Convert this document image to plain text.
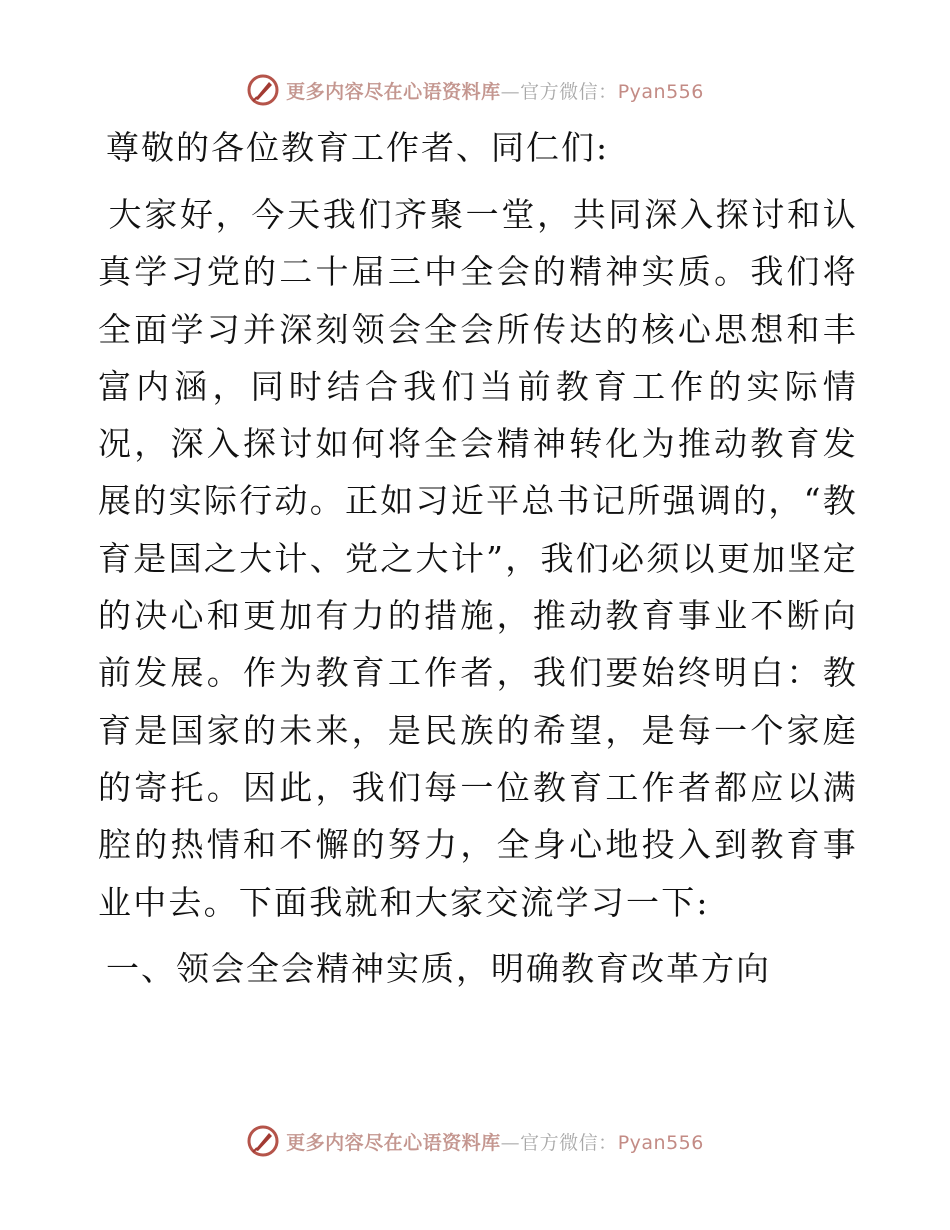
更多内容尽在心语资料库—官方微信：Pyan556

尊敬的各位教育工作者、同仁们:

大家好，今天我们齐聚一堂，共同深入探讨和认真学习党的二十届三中全会的精神实质。我们将全面学习并深刻领会全会所传达的核心思想和丰富内涵，同时结合我们当前教育工作的实际情况，深入探讨如何将全会精神转化为推动教育发展的实际行动。正如习近平总书记所强调的，“教育是国之大计、党之大计”，我们必须以更加坚定的决心和更加有力的措施，推动教育事业不断向前发展。作为教育工作者，我们要始终明白：教育是国家的未来，是民族的希望，是每一个家庭的寄托。因此，我们每一位教育工作者都应以满腔的热情和不懈的努力，全身心地投入到教育事业中去。下面我就和大家交流学习一下:

一、领会全会精神实质，明确教育改革方向

更多内容尽在心语资料库—官方微信：Pyan556
